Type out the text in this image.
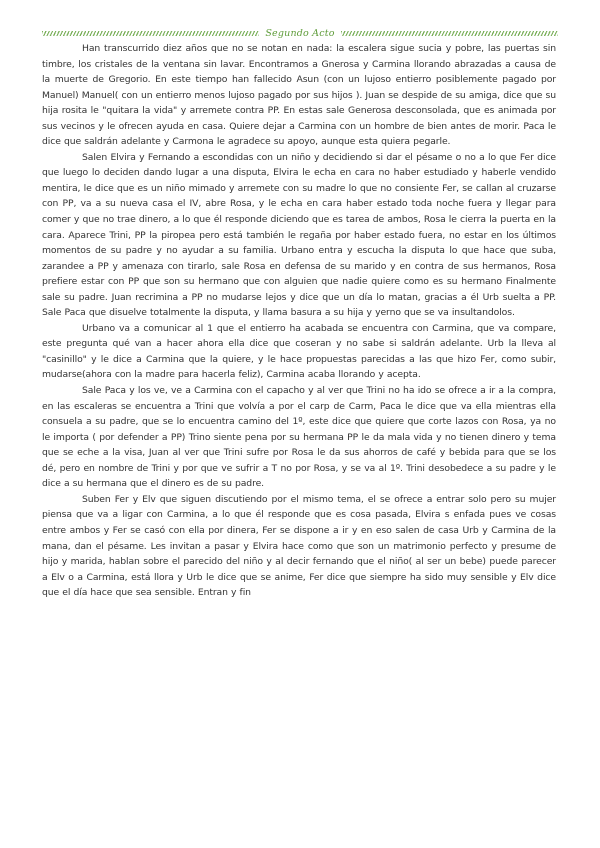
Segundo Acto

Han transcurrido diez años que no se notan en nada: la escalera sigue sucia y pobre, las puertas sin timbre, los cristales de la ventana sin lavar. Encontramos a Gnerosa y Carmina llorando abrazadas a causa de la muerte de Gregorio. En este tiempo han fallecido Asun (con un lujoso entierro posiblemente pagado por Manuel) Manuel( con un entierro menos lujoso pagado por sus hijos ). Juan se despide de su amiga, dice que su hija rosita le "quitara la vida" y arremete contra PP. En estas sale Generosa desconsolada, que es animada por sus vecinos y le ofrecen ayuda en casa. Quiere dejar a Carmina con un hombre de bien antes de morir. Paca le dice que saldrán adelante y Carmona le agradece su apoyo, aunque esta quiera pegarle.

Salen Elvira y Fernando a escondidas con un niño y decidiendo si dar el pésame o no a lo que Fer dice que luego lo deciden dando lugar a una disputa, Elvira le echa en cara no haber estudiado y haberle vendido mentira, le dice que es un niño mimado y arremete con su madre lo que no consiente Fer, se callan al cruzarse con PP, va a su nueva casa el IV, abre Rosa, y le echa en cara haber estado toda noche fuera y llegar para comer y que no trae dinero, a lo que él responde diciendo que es tarea de ambos, Rosa le cierra la puerta en la cara. Aparece Trini, PP la piropea pero está también le regaña por haber estado fuera, no estar en los últimos momentos de su padre y no ayudar a su familia. Urbano entra y escucha la disputa lo que hace que suba, zarandee a PP y amenaza con tirarlo, sale Rosa en defensa de su marido y en contra de sus hermanos, Rosa prefiere estar con PP que son su hermano que con alguien que nadie quiere como es su hermano Finalmente sale su padre. Juan recrimina a PP no mudarse lejos y dice que un día lo matan, gracias a él Urb suelta a PP. Sale Paca que disuelve totalmente la disputa, y llama basura a su hija y yerno que se va insultandolos.

Urbano va a comunicar al 1 que el entierro ha acabada se encuentra con Carmina, que va compare, este pregunta qué van a hacer ahora ella dice que coseran y no sabe si saldrán adelante. Urb la lleva al "casinillo" y le dice a Carmina que la quiere, y le hace propuestas parecidas a las que hizo Fer, como subir, mudarse(ahora con la madre para hacerla feliz), Carmina acaba llorando y acepta.

Sale Paca y los ve, ve a Carmina con el capacho y al ver que Trini no ha ido se ofrece a ir a la compra, en las escaleras se encuentra a Trini que volvía a por el carp de Carm, Paca le dice que va ella mientras ella consuela a su padre, que se lo encuentra camino del 1º, este dice que quiere que corte lazos con Rosa, ya no le importa ( por defender a PP) Trino siente pena por su hermana PP le da mala vida y no tienen dinero y tema que se eche a la visa, Juan al ver que Trini sufre por Rosa le da sus ahorros de café y bebida para que se los dé, pero en nombre de Trini y por que ve sufrir a T no por Rosa, y se va al 1º. Trini desobedece a su padre y le dice a su hermana que el dinero es de su padre.

Suben Fer y Elv que siguen discutiendo por el mismo tema, el se ofrece a entrar solo pero su mujer piensa que va a ligar con Carmina, a lo que él responde que es cosa pasada, Elvira s enfada pues ve cosas entre ambos y Fer se casó con ella por dinera, Fer se dispone a ir y en eso salen de casa Urb y Carmina de la mana, dan el pésame. Les invitan a pasar y Elvira hace como que son un matrimonio perfecto y presume de hijo y marida, hablan sobre el parecido del niño y al decir fernando que el niño( al ser un bebe) puede parecer a Elv o a Carmina, está llora y Urb le dice que se anime, Fer dice que siempre ha sido muy sensible y Elv dice que el día hace que sea sensible. Entran y fin
